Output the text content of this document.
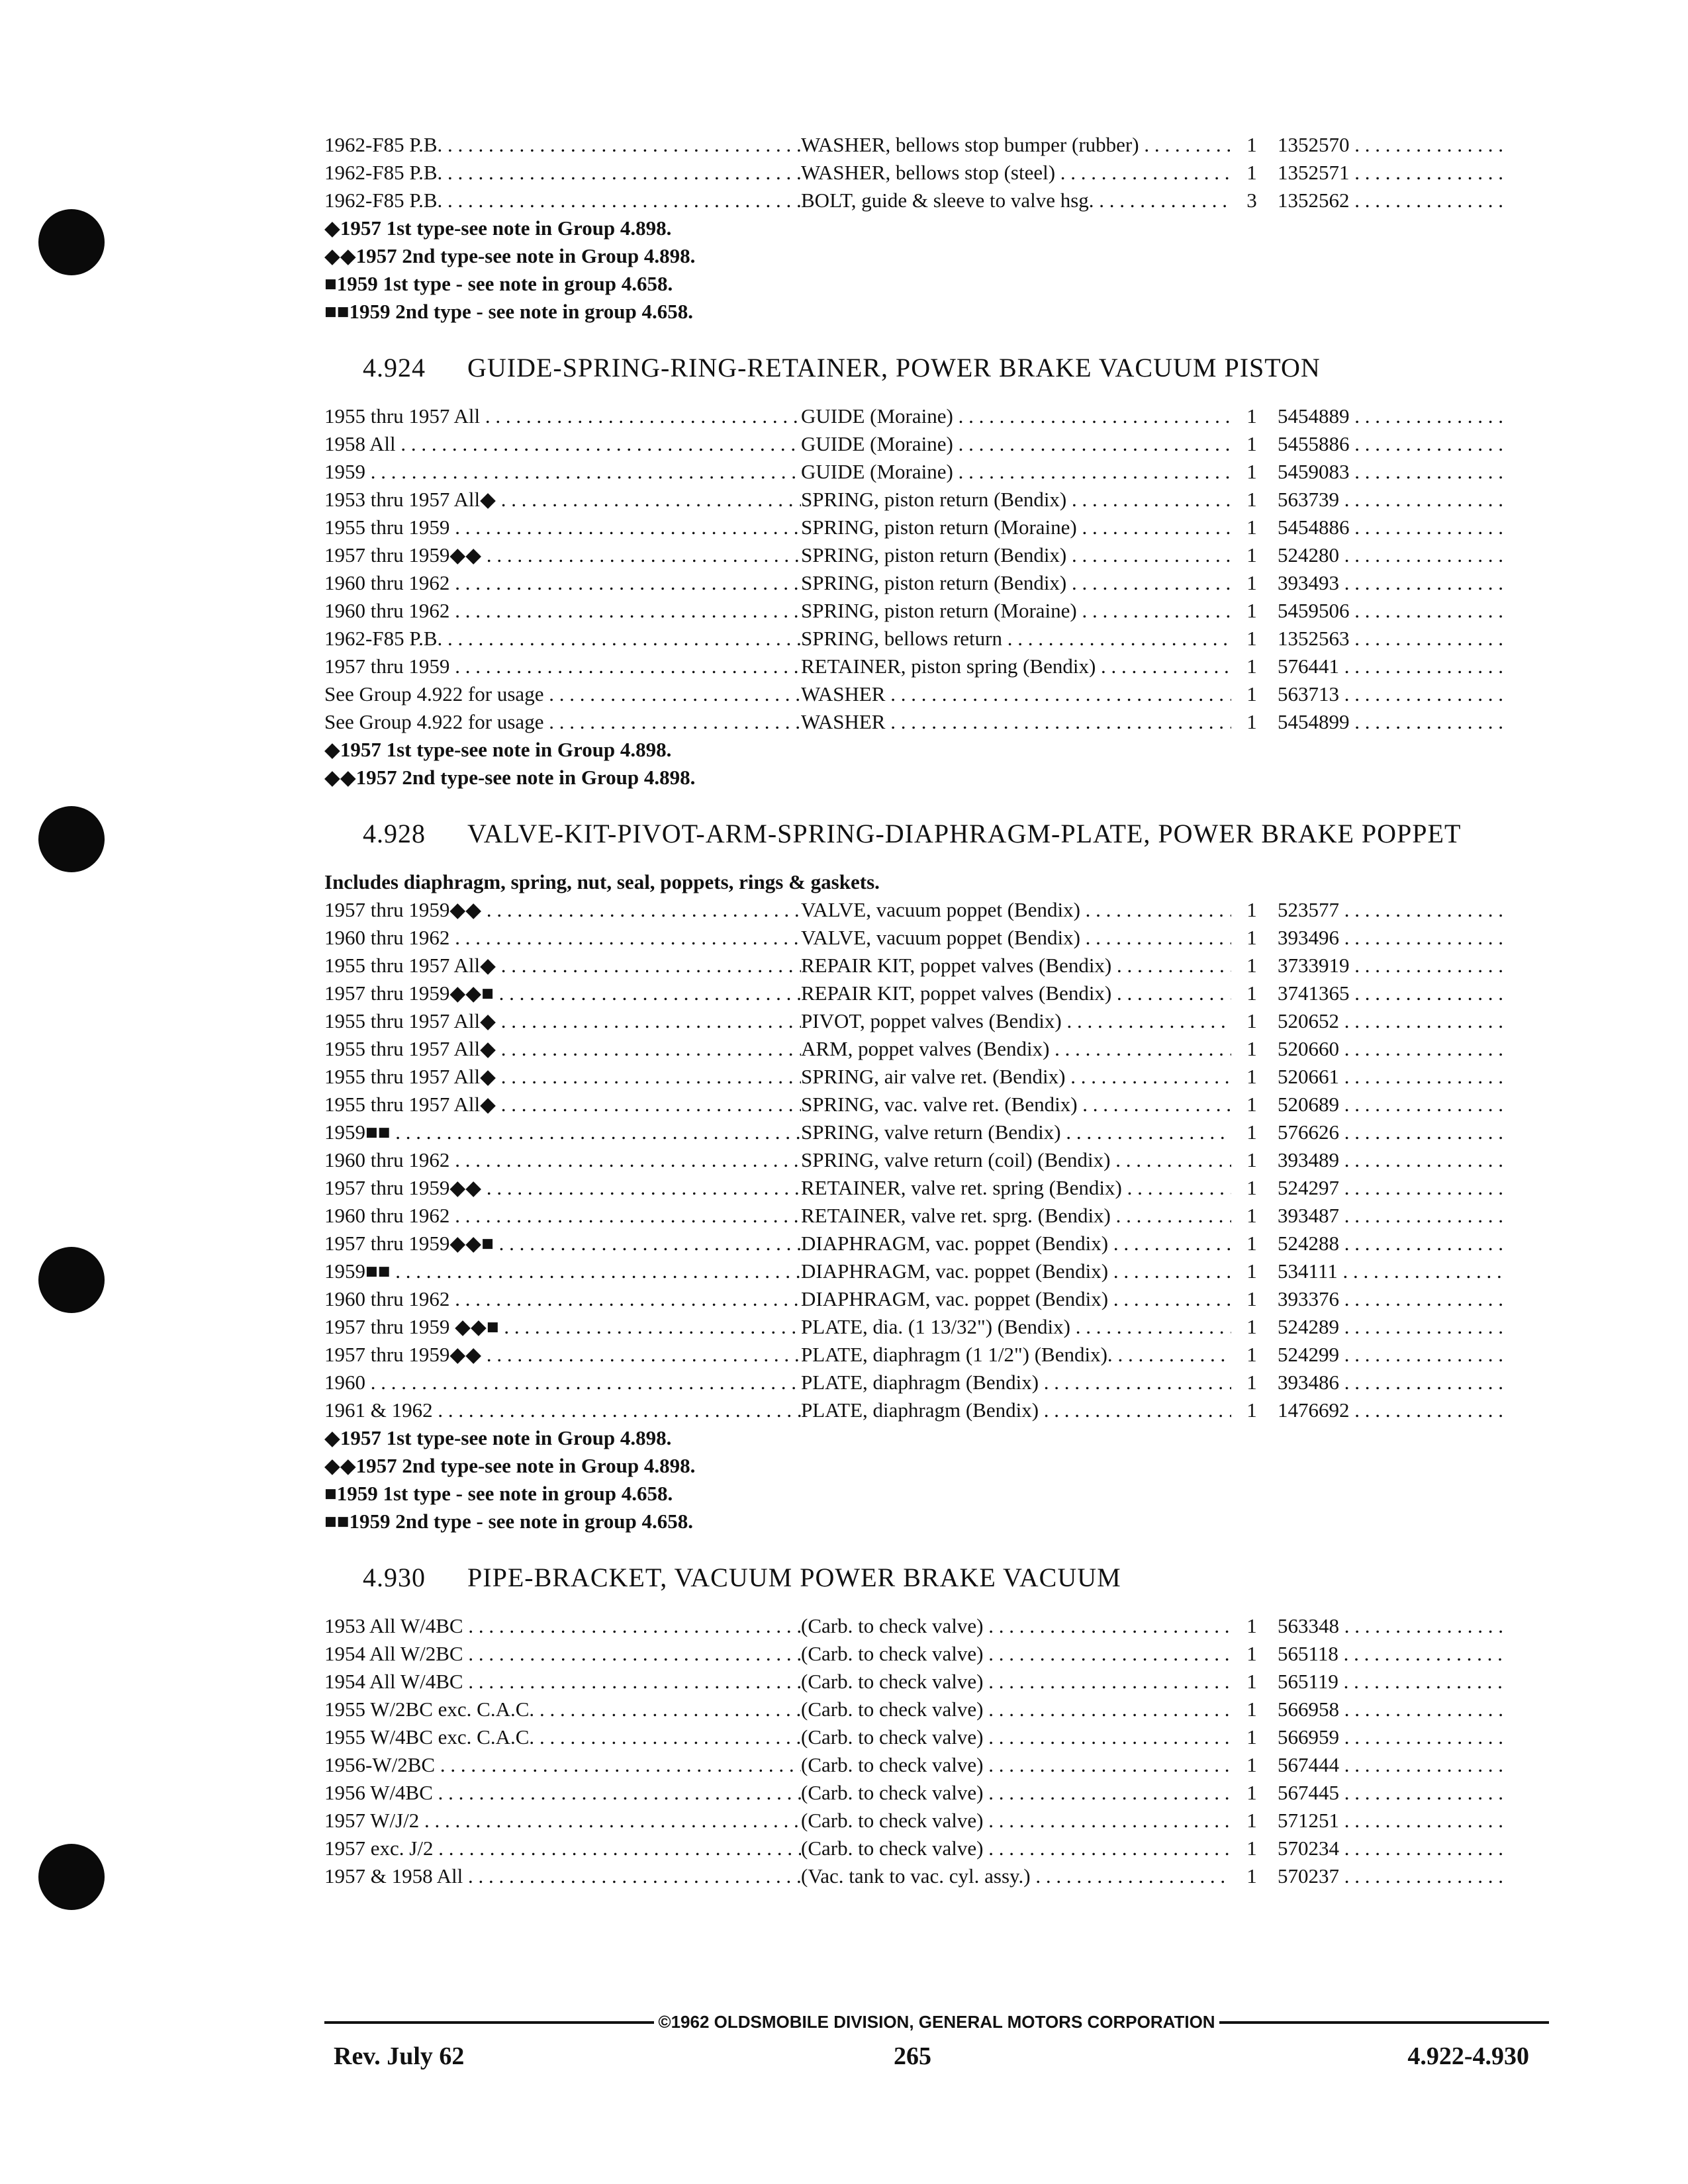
1962-F85 P.B. . . .	WASHER, bellows stop bumper (rubber) . . .	1	1352570 . . .
1962-F85 P.B. . . .	WASHER, bellows stop (steel) . . .	1	1352571 . . .
1962-F85 P.B. . . .	BOLT, guide & sleeve to valve hsg. . . .	3	1352562 . . .
◆1957 1st type-see note in Group 4.898.
◆◆1957 2nd type-see note in Group 4.898.
■1959 1st type - see note in group 4.658.
■■1959 2nd type - see note in group 4.658.
4.924	GUIDE-SPRING-RING-RETAINER, POWER BRAKE VACUUM PISTON
1955 thru 1957 All . . .	GUIDE (Moraine) . . .	1	5454889 . . .
1958 All . . .	GUIDE (Moraine) . . .	1	5455886 . . .
1959 . . .	GUIDE (Moraine) . . .	1	5459083 . . .
1953 thru 1957 All◆ . . .	SPRING, piston return (Bendix) . . .	1	563739 . . .
1955 thru 1959 . . .	SPRING, piston return (Moraine) . . .	1	5454886 . . .
1957 thru 1959◆◆ . . .	SPRING, piston return (Bendix) . . .	1	524280 . . .
1960 thru 1962 . . .	SPRING, piston return (Bendix) . . .	1	393493 . . .
1960 thru 1962 . . .	SPRING, piston return (Moraine) . . .	1	5459506 . . .
1962-F85 P.B. . . .	SPRING, bellows return . . .	1	1352563 . . .
1957 thru 1959 . . .	RETAINER, piston spring (Bendix) . . .	1	576441 . . .
See Group 4.922 for usage . . .	WASHER . . .	1	563713 . . .
See Group 4.922 for usage . . .	WASHER . . .	1	5454899 . . .
◆1957 1st type-see note in Group 4.898.
◆◆1957 2nd type-see note in Group 4.898.
4.928	VALVE-KIT-PIVOT-ARM-SPRING-DIAPHRAGM-PLATE, POWER BRAKE POPPET
Includes diaphragm, spring, nut, seal, poppets, rings & gaskets.
1957 thru 1959◆◆ . . .	VALVE, vacuum poppet (Bendix) . . .	1	523577 . . .
1960 thru 1962 . . .	VALVE, vacuum poppet (Bendix) . . .	1	393496 . . .
1955 thru 1957 All◆ . . .	REPAIR KIT, poppet valves (Bendix) . . .	1	3733919 . . .
1957 thru 1959◆◆■ . . .	REPAIR KIT, poppet valves (Bendix) . . .	1	3741365 . . .
1955 thru 1957 All◆ . . .	PIVOT, poppet valves (Bendix) . . .	1	520652 . . .
1955 thru 1957 All◆ . . .	ARM, poppet valves (Bendix) . . .	1	520660 . . .
1955 thru 1957 All◆ . . .	SPRING, air valve ret. (Bendix) . . .	1	520661 . . .
1955 thru 1957 All◆ . . .	SPRING, vac. valve ret. (Bendix) . . .	1	520689 . . .
1959■■ . . .	SPRING, valve return (Bendix) . . .	1	576626 . . .
1960 thru 1962 . . .	SPRING, valve return (coil) (Bendix) . . .	1	393489 . . .
1957 thru 1959◆◆ . . .	RETAINER, valve ret. spring (Bendix) . . .	1	524297 . . .
1960 thru 1962 . . .	RETAINER, valve ret. sprg. (Bendix) . . .	1	393487 . . .
1957 thru 1959◆◆■ . . .	DIAPHRAGM, vac. poppet (Bendix) . . .	1	524288 . . .
1959■■ . . .	DIAPHRAGM, vac. poppet (Bendix) . . .	1	534111 . . .
1960 thru 1962 . . .	DIAPHRAGM, vac. poppet (Bendix) . . .	1	393376 . . .
1957 thru 1959 ◆◆■ . . .	PLATE, dia. (1 13/32") (Bendix) . . .	1	524289 . . .
1957 thru 1959◆◆ . . .	PLATE, diaphragm (1 1/2") (Bendix). . . .	1	524299 . . .
1960 . . .	PLATE, diaphragm (Bendix) . . .	1	393486 . . .
1961 & 1962 . . .	PLATE, diaphragm (Bendix) . . .	1	1476692 . . .
◆1957 1st type-see note in Group 4.898.
◆◆1957 2nd type-see note in Group 4.898.
■1959 1st type - see note in group 4.658.
■■1959 2nd type - see note in group 4.658.
4.930	PIPE-BRACKET, VACUUM POWER BRAKE VACUUM
1953 All W/4BC . . .	(Carb. to check valve) . . .	1	563348 . . .
1954 All W/2BC . . .	(Carb. to check valve) . . .	1	565118 . . .
1954 All W/4BC . . .	(Carb. to check valve) . . .	1	565119 . . .
1955 W/2BC exc. C.A.C. . . .	(Carb. to check valve) . . .	1	566958 . . .
1955 W/4BC exc. C.A.C. . . .	(Carb. to check valve) . . .	1	566959 . . .
1956-W/2BC . . .	(Carb. to check valve) . . .	1	567444 . . .
1956 W/4BC . . .	(Carb. to check valve) . . .	1	567445 . . .
1957 W/J/2 . . .	(Carb. to check valve) . . .	1	571251 . . .
1957 exc. J/2 . . .	(Carb. to check valve) . . .	1	570234 . . .
1957 & 1958 All . . .	(Vac. tank to vac. cyl. assy.) . . .	1	570237 . . .
©1962 OLDSMOBILE DIVISION, GENERAL MOTORS CORPORATION
Rev. July 62	265	4.922-4.930
